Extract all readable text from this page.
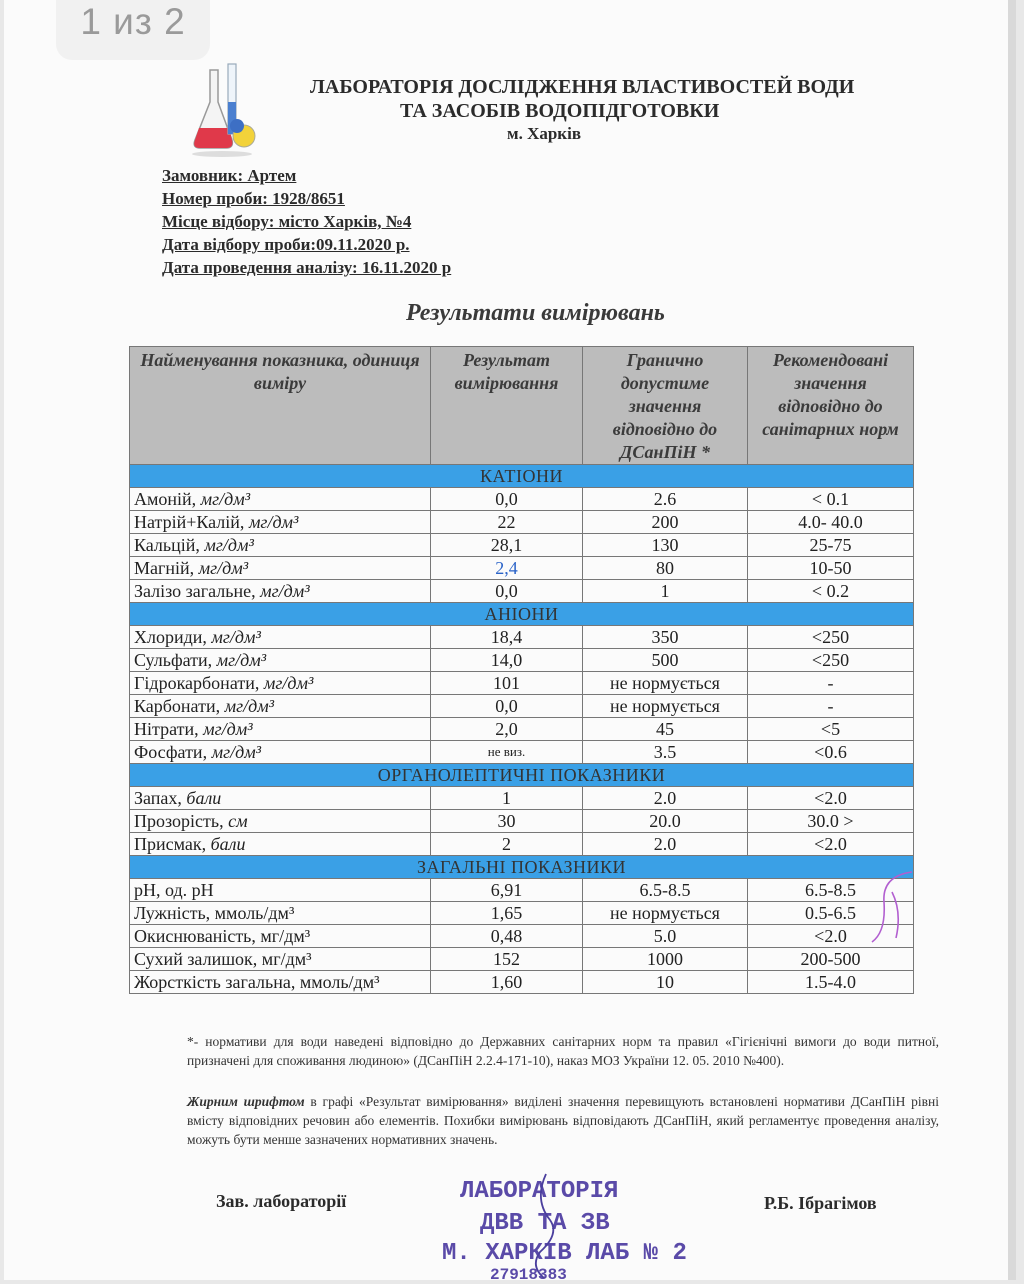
1 из 2
ЛАБОРАТОРІЯ ДОСЛІДЖЕННЯ ВЛАСТИВОСТЕЙ ВОДИ
ТА ЗАСОБІВ ВОДОПІДГОТОВКИ
м. Харків
Замовник: Артем
Номер проби: 1928/8651
Місце відбору: місто Харків, №4
Дата відбору проби:09.11.2020 р.
Дата проведення аналізу: 16.11.2020 р
Результати вимірювань
Найменування показника, одиниця виміру	Результат вимірювання	Гранично допустиме значення відповідно до ДСанПіН *	Рекомендовані значення відповідно до санітарних норм
КАТІОНИ			
Амоній, мг/дм³	0,0	2.6	< 0.1
Натрій+Калій, мг/дм³	22	200	4.0- 40.0
Кальцій, мг/дм³	28,1	130	25-75
Магній, мг/дм³	2,4	80	10-50
Залізо загальне, мг/дм³	0,0	1	< 0.2
АНІОНИ			
Хлориди, мг/дм³	18,4	350	<250
Сульфати, мг/дм³	14,0	500	<250
Гідрокарбонати, мг/дм³	101	не нормується	-
Карбонати, мг/дм³	0,0	не нормується	-
Нітрати, мг/дм³	2,0	45	<5
Фосфати, мг/дм³	не виз.	3.5	<0.6
ОРГАНОЛЕПТИЧНІ ПОКАЗНИКИ			
Запах, бали	1	2.0	<2.0
Прозорість, см	30	20.0	30.0 >
Присмак, бали	2	2.0	<2.0
ЗАГАЛЬНІ ПОКАЗНИКИ			
pH, од. pH	6,91	6.5-8.5	6.5-8.5
Лужність, ммоль/дм³	1,65	не нормується	0.5-6.5
Окиснюваність, мг/дм³	0,48	5.0	<2.0
Сухий залишок, мг/дм³	152	1000	200-500
Жорсткість загальна, ммоль/дм³	1,60	10	1.5-4.0
*- нормативи для води наведені відповідно до Державних санітарних норм та правил «Гігієнічні вимоги до води питної, призначені для споживання людиною» (ДСанПіН 2.2.4-171-10), наказ МОЗ України 12. 05. 2010 №400).
Жирним шрифтом в графі «Результат вимірювання» виділені значення перевищують встановлені нормативи ДСанПіН рівні вмісту відповідних речовин або елементів. Похибки вимірювань відповідають ДСанПіН, який регламентує проведення аналізу, можуть бути менше зазначених нормативних значень.
Зав. лабораторії	Р.Б. Ібрагімов
ЛАБОРАТОРІЯ
ДВВ ТА ЗВ
М. ХАРКІВ ЛАБ № 2
27918383
